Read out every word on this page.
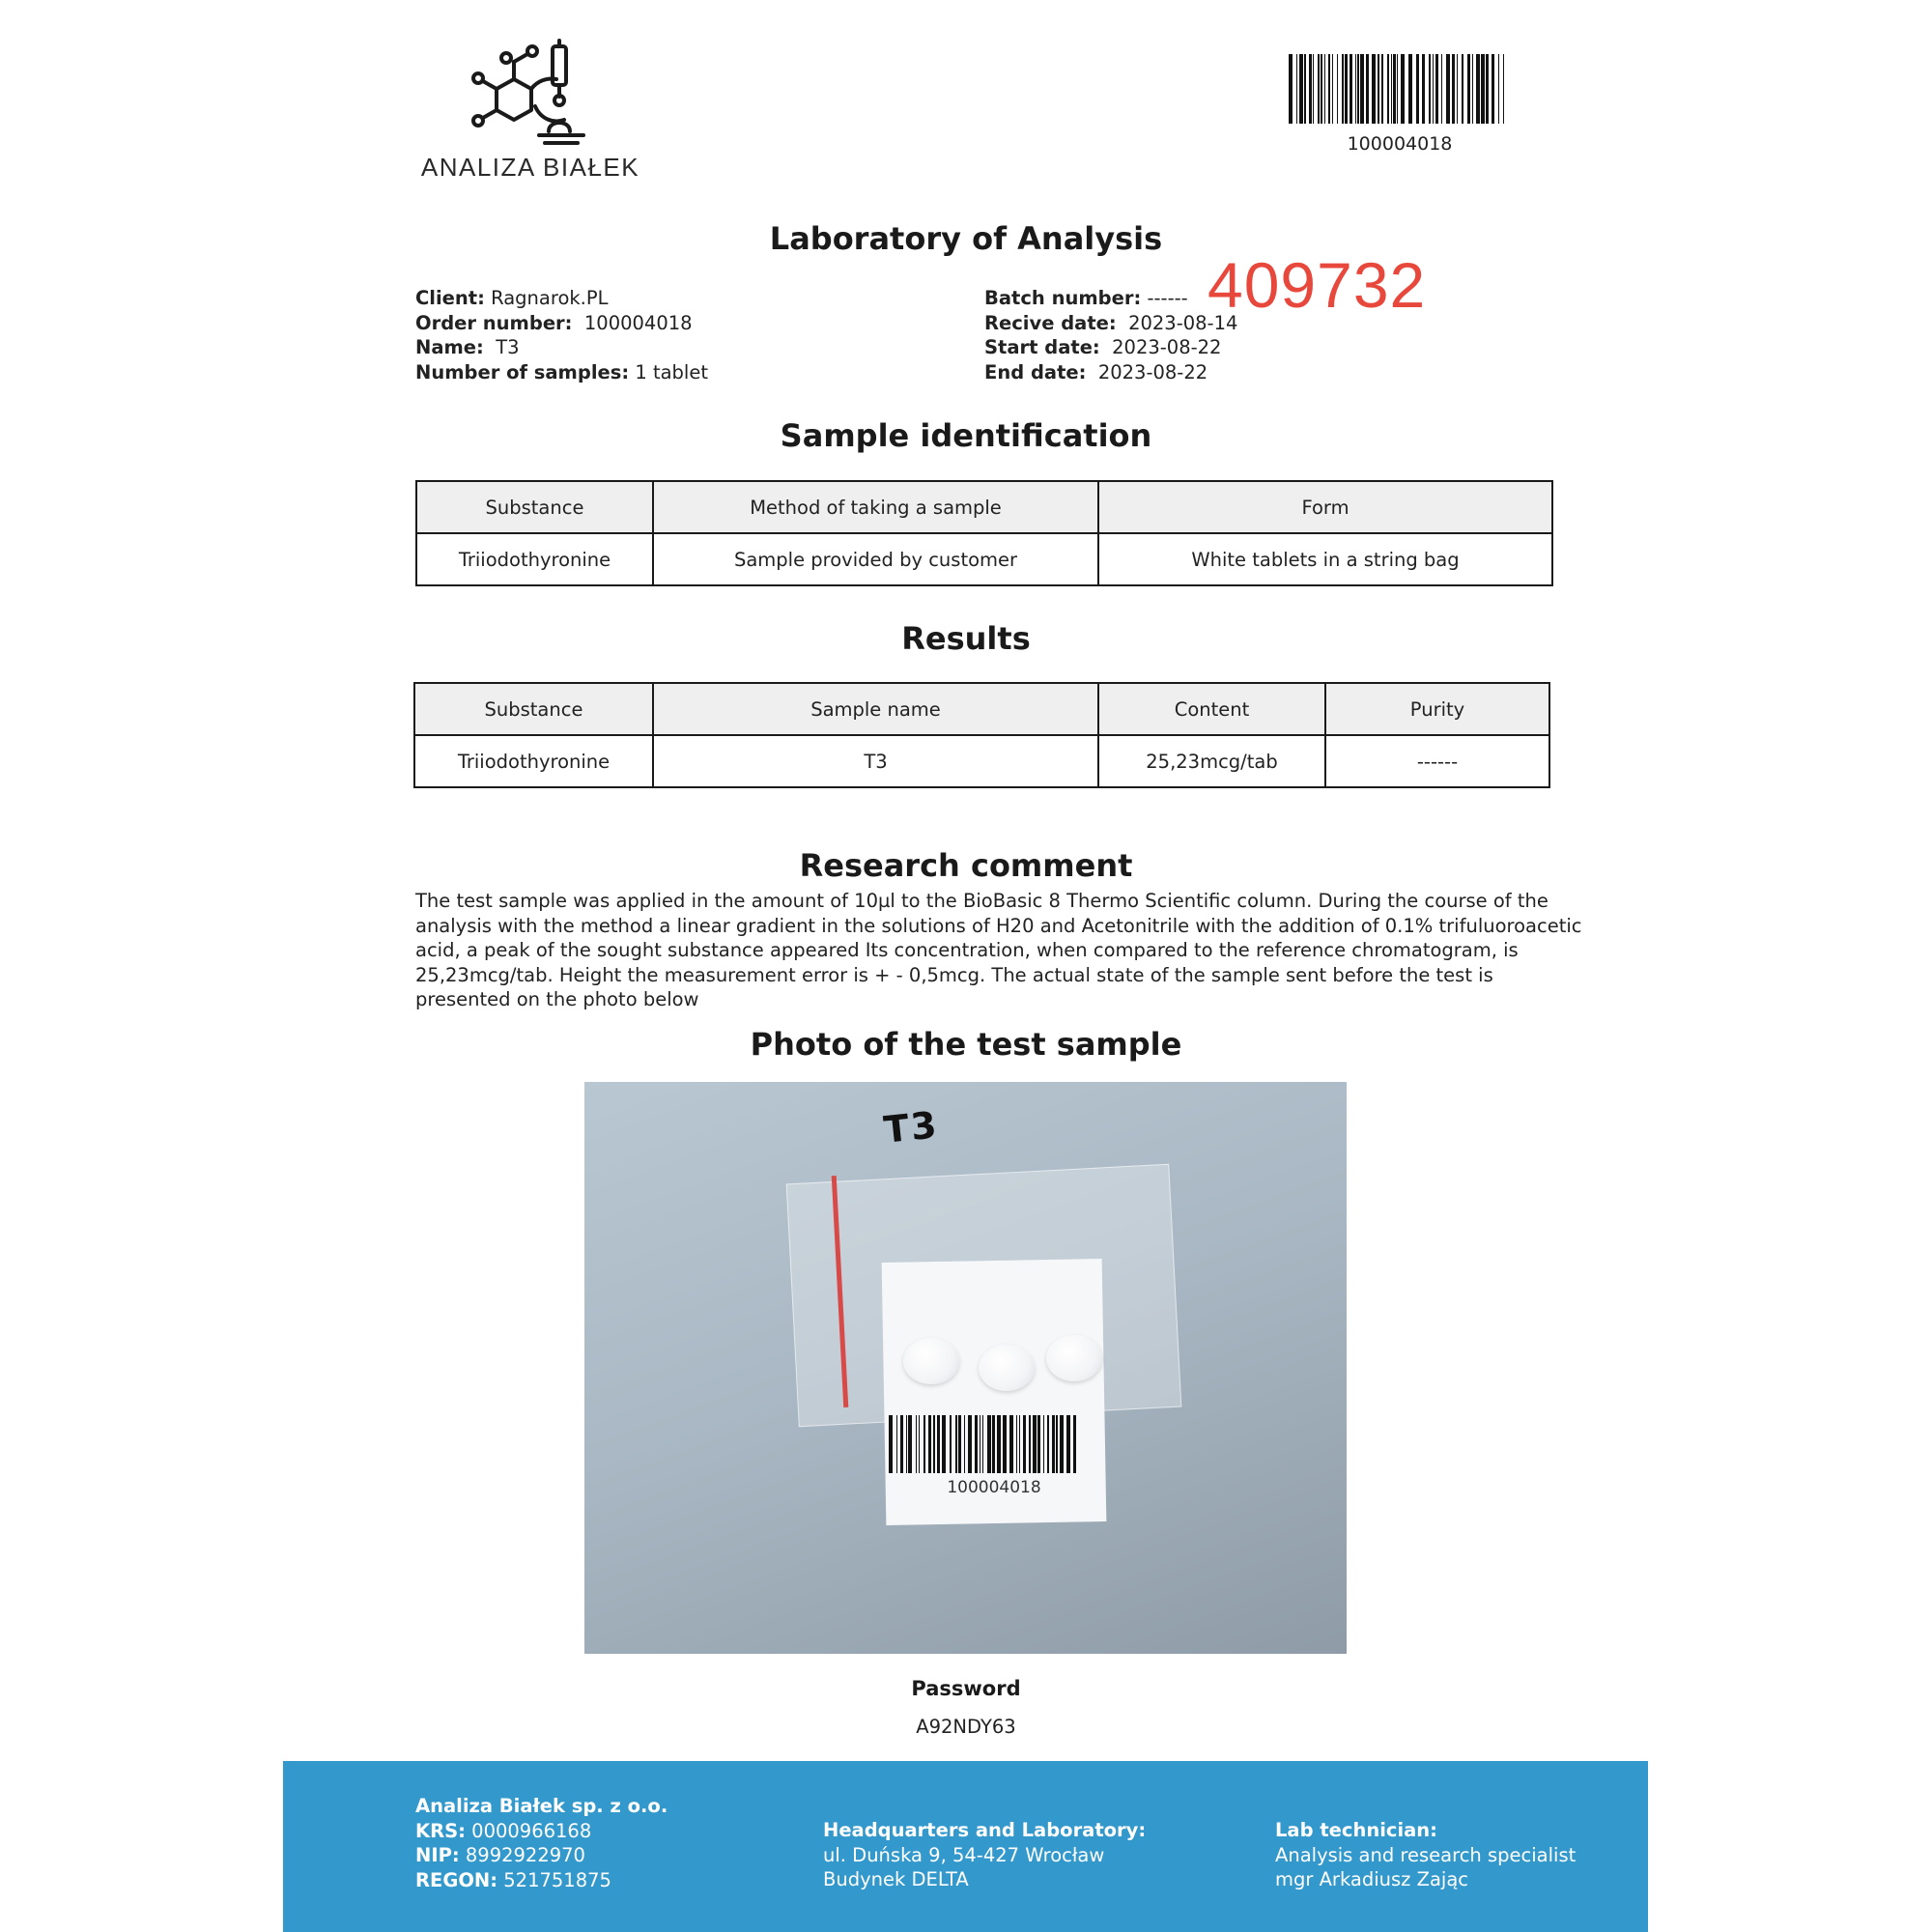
ANALIZA BIAŁEK
100004018
Laboratory of Analysis
Client: Ragnarok.PL
Order number: 100004018
Name: T3
Number of samples: 1 tablet
Batch number: ------
Recive date: 2023-08-14
Start date: 2023-08-22
End date: 2023-08-22
409732
Sample identification
Substance	Method of taking a sample	Form
Triiodothyronine	Sample provided by customer	White tablets in a string bag
Results
Substance	Sample name	Content	Purity
Triiodothyronine	T3	25,23mcg/tab	------
Research comment
The test sample was applied in the amount of 10µl to the BioBasic 8 Thermo Scientific column. During the course of the analysis with the method a linear gradient in the solutions of H20 and Acetonitrile with the addition of 0.1% trifuluoroacetic acid, a peak of the sought substance appeared Its concentration, when compared to the reference chromatogram, is 25,23mcg/tab. Height the measurement error is + - 0,5mcg. The actual state of the sample sent before the test is presented on the photo below
Photo of the test sample
T3
100004018
Password
A92NDY63
Analiza Białek sp. z o.o.
KRS: 0000966168
NIP: 8992922970
REGON: 521751875
Headquarters and Laboratory:
ul. Duńska 9, 54-427 Wrocław
Budynek DELTA
Lab technician:
Analysis and research specialist
mgr Arkadiusz Zając
